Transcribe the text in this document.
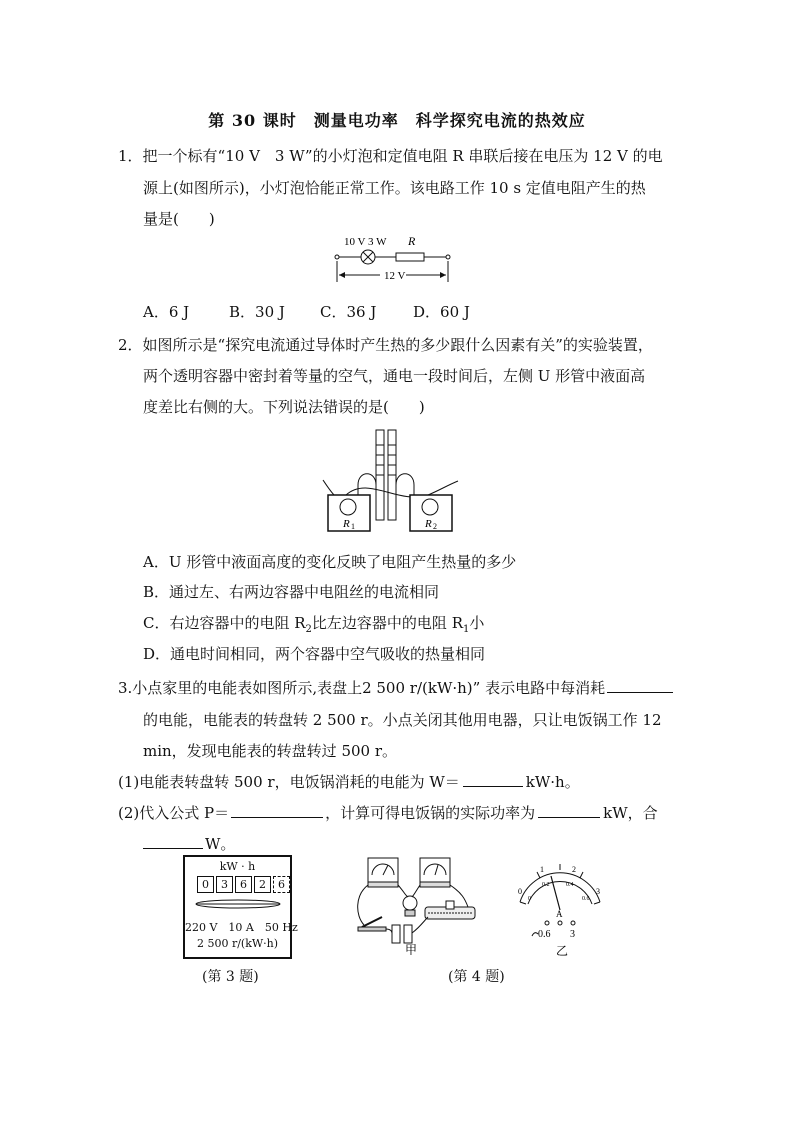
第 30 课时　测量电功率　科学探究电流的热效应
1．把一个标有“10 V　3 W”的小灯泡和定值电阻 R 串联后接在电压为 12 V 的电
源上(如图所示)，小灯泡恰能正常工作。该电路工作 10 s 定值电阻产生的热
量是(　　)
10 V 3 W R
12 V
A．6 J	B．30 J C．36 J D．60 J
2．如图所示是“探究电流通过导体时产生热的多少跟什么因素有关”的实验装置，
两个透明容器中密封着等量的空气，通电一段时间后，左侧 U 形管中液面高
度差比右侧的大。下列说法错误的是(　　)
R 1	R 2
A．U 形管中液面高度的变化反映了电阻产生热量的多少
B．通过左、右两边容器中电阻丝的电流相同
C．右边容器中的电阻 $R_2$比左边容器中的电阻 $R_1$小
D．通电时间相同，两个容器中空气吸收的热量相同
3.小点家里的电能表如图所示,表盘上2 500 r/(kW·h)” 表示电路中每消耗
的电能，电能表的转盘转 2 500 r。小点关闭其他用电器，只让电饭锅工作 12
min，发现电能表的转盘转过 500 r。
(1)电能表转盘转 500 r，电饭锅消耗的电能为 W＝	kW·h。
(2)代入公式 P＝	，计算可得电饭锅的实际功率为	kW，合
W。
kW · h
0	3	6	2	6
220 V　10 A　50 Hz
2 500 r/(kW·h)	甲
0
1	2
3
0
0.2	0.4
0.6
A
0.6 3
乙
(第 3 题)	(第 4 题)
